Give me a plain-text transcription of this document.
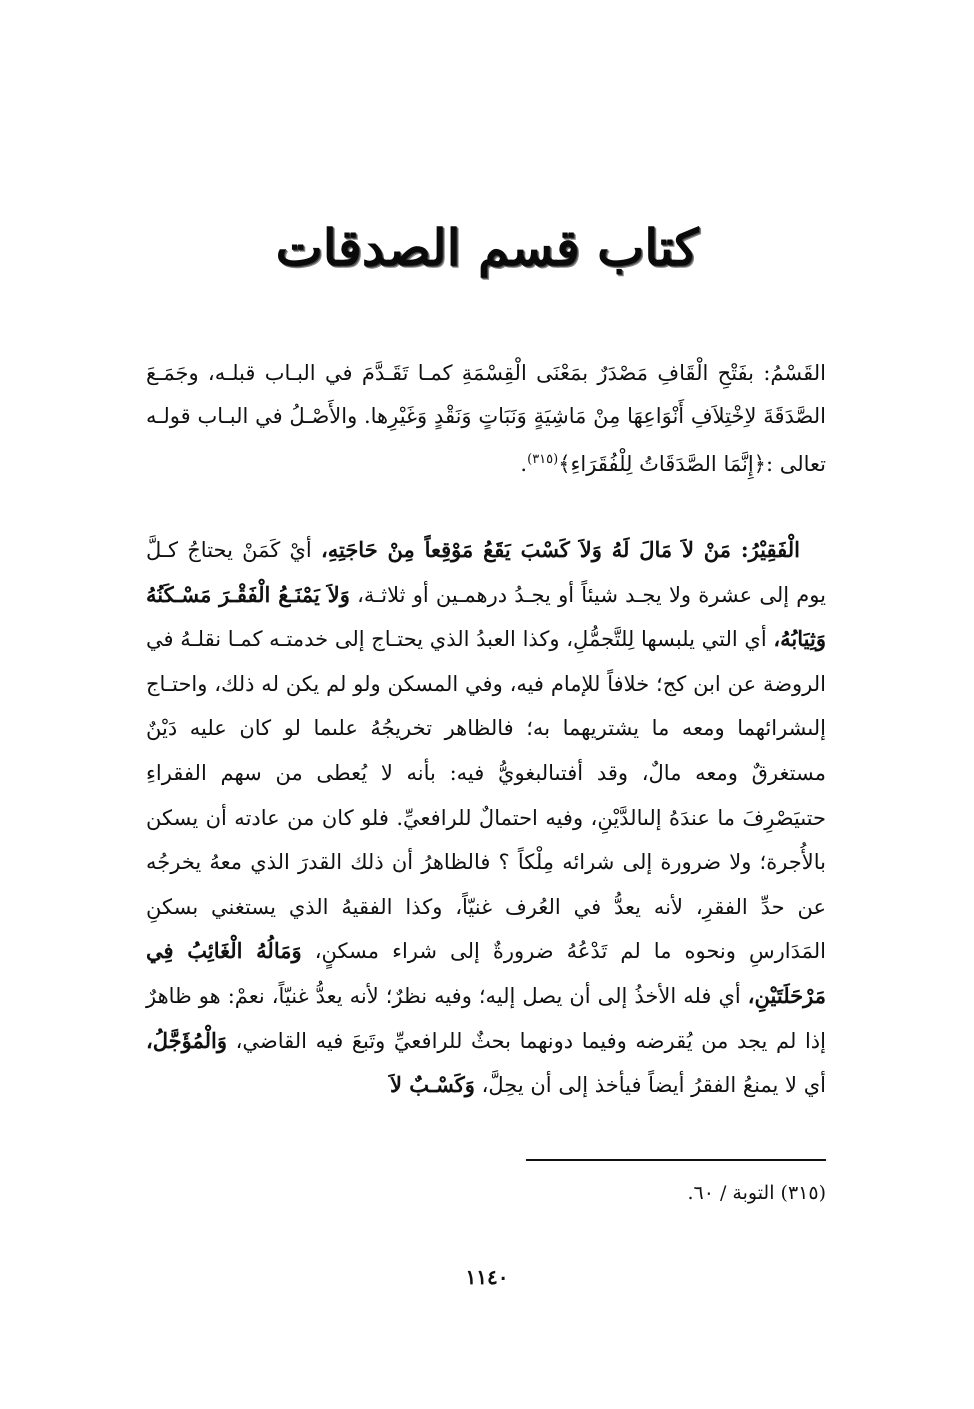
كتاب قسم الصدقات

القَسْمُ: بفَتْحِ الْقَافِ مَصْدَرٌ بمَعْنَى الْقِسْمَةِ كمـا تَقَـدَّمَ في البـاب قبلـه، وجَمَـعَ الصَّدَقَةَ لاِخْتِلاَفِ أَنْوَاعِهَا مِنْ مَاشِيَةٍ وَنَبَاتٍ وَنَقْدٍ وَغَيْرِها. والأَصْـلُ في البـاب قولـه تعالى :﴿إِنَّمَا الصَّدَقَاتُ لِلْفُقَرَاءِ﴾$^{(٣١٥)}$.

الْفَقِيْرُ: مَنْ لاَ مَالَ لَهُ وَلاَ كَسْبَ يَقَعُ مَوْقِعاً مِنْ حَاجَتِهِ، أيْ كَمَنْ يحتاجُ كـلَّ يوم إلى عشرة ولا يجـد شيئاً أو يجـدُ درهمـين أو ثلاثـة، وَلاَ يَمْنَـعُ الْفَقْـرَ مَسْـكَنُهُ وَثِيَابُهُ، أي التي يلبسها لِلتَّجمُّلِ، وكذا العبدُ الذي يحتـاج إلى خدمتـه كمـا نقلـهُ في الروضة عن ابن كج؛ خلافاً للإمام فيه، وفي المسكن ولو لم يكن له ذلك، واحتـاج إلىشرائهما ومعه ما يشتريهما به؛ فالظاهر تخريجُهُ علىما لو كان عليه دَيْنٌ مستغرقٌ ومعه مالٌ، وقد أفتىالبغويُّ فيه: بأنه لا يُعطى من سهم الفقراءِ حتىيَصْرِفَ ما عندَهُ إلىالدَّيْنِ، وفيه احتمالٌ للرافعيِّ. فلو كان من عادته أن يسكن بالأُجرة؛ ولا ضرورة إلى شرائه مِلْكاً ؟ فالظاهرُ أن ذلك القدرَ الذي معهُ يخرجُه عن حدِّ الفقرِ، لأنه يعدُّ في العُرف غنيّاً، وكذا الفقيهُ الذي يستغني بسكنِ المَدَارسِ ونحوه ما لم تَدْعُهُ ضرورةٌ إلى شراء مسكنٍ، وَمَالُهُ الْغَائِبُ فِي مَرْحَلَتَيْنِ، أي فله الأخذُ إلى أن يصل إليه؛ وفيه نظرٌ؛ لأنه يعدُّ غنيّاً، نعمْ: هو ظاهرٌ إذا لم يجد من يُقرضه وفيما دونهما بحثٌ للرافعيِّ وتَبعَ فيه القاضي، وَالْمُؤَجَّلُ، أي لا يمنعُ الفقرُ أيضاً فيأخذ إلى أن يحِلَّ، وَكَسْـبٌ لاَ

(٣١٥) التوبة / ٦٠.
١١٤٠
